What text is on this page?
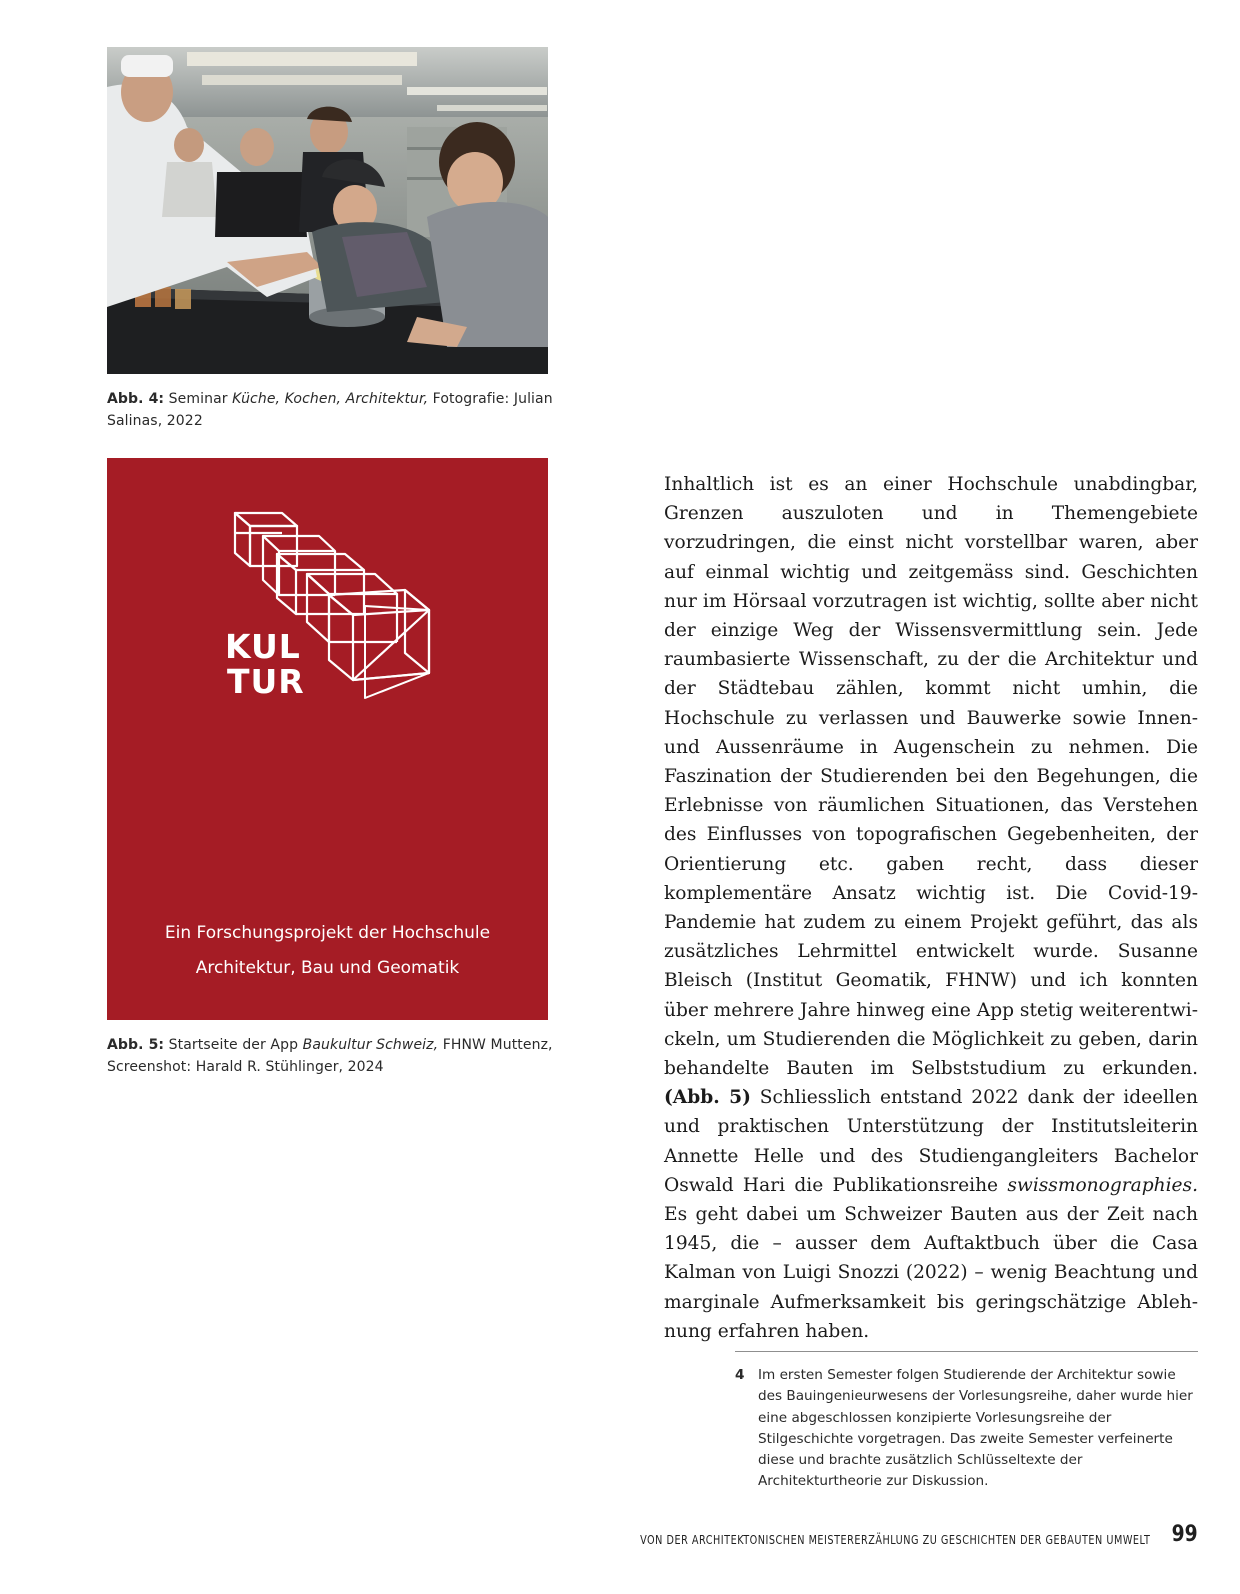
Abb. 4: Seminar Küche, Kochen, Architektur, Fotografie: Julian Salinas, 2022
KUL
TUR
Ein Forschungsprojekt der Hochschule
Architektur, Bau und Geomatik
Abb. 5: Startseite der App Baukultur Schweiz, FHNW Muttenz, Screenshot: Harald R. Stühlinger, 2024
Inhaltlich ist es an einer Hochschule unabdingbar, Grenzen auszuloten und in Themengebiete vorzudringen, die einst nicht vorstellbar waren, aber auf einmal wichtig und zeitgemäss sind. Geschichten nur im Hörsaal vorzutragen ist wichtig, sollte aber nicht der einzige Weg der Wissensvermittlung sein. Jede raumbasierte Wissenschaft, zu der die Architektur und der Städtebau zählen, kommt nicht umhin, die Hochschule zu verlassen und Bauwerke sowie Innen- und Aussenräume in Augenschein zu nehmen. Die Faszination der Studierenden bei den Begehungen, die Erlebnisse von räumlichen Situationen, das Verstehen des Einflusses von topografischen Gegebenheiten, der Orientierung etc. gaben recht, dass dieser komplementäre Ansatz wichtig ist. Die Covid-19-Pandemie hat zudem zu einem Projekt geführt, das als zusätzliches Lehrmittel entwickelt wurde. Susanne Bleisch (Institut Geomatik, FHNW) und ich konnten über mehrere Jahre hinweg eine App stetig weiterentwickeln, um Studierenden die Möglichkeit zu geben, darin behandelte Bauten im Selbststudium zu erkunden. (Abb. 5) Schliesslich entstand 2022 dank der ideellen und praktischen Unterstützung der Institutsleiterin Annette Helle und des Studiengangleiters Bachelor Oswald Hari die Publikationsreihe swissmonographies. Es geht dabei um Schweizer Bauten aus der Zeit nach 1945, die – ausser dem Auftaktbuch über die Casa Kalman von Luigi Snozzi (2022) – wenig Beachtung und marginale Aufmerksamkeit bis geringschätzige Ablehnung erfahren haben.
4 Im ersten Semester folgen Studierende der Architektur sowie des Bauingenieurwesens der Vorlesungsreihe, daher wurde hier eine abgeschlossen konzipierte Vorlesungsreihe der Stilgeschichte vorgetragen. Das zweite Semester verfeinerte diese und brachte zusätzlich Schlüsseltexte der Architekturtheorie zur Diskussion.
VON DER ARCHITEKTONISCHEN MEISTERERZÄHLUNG ZU GESCHICHTEN DER GEBAUTEN UMWELT 99
